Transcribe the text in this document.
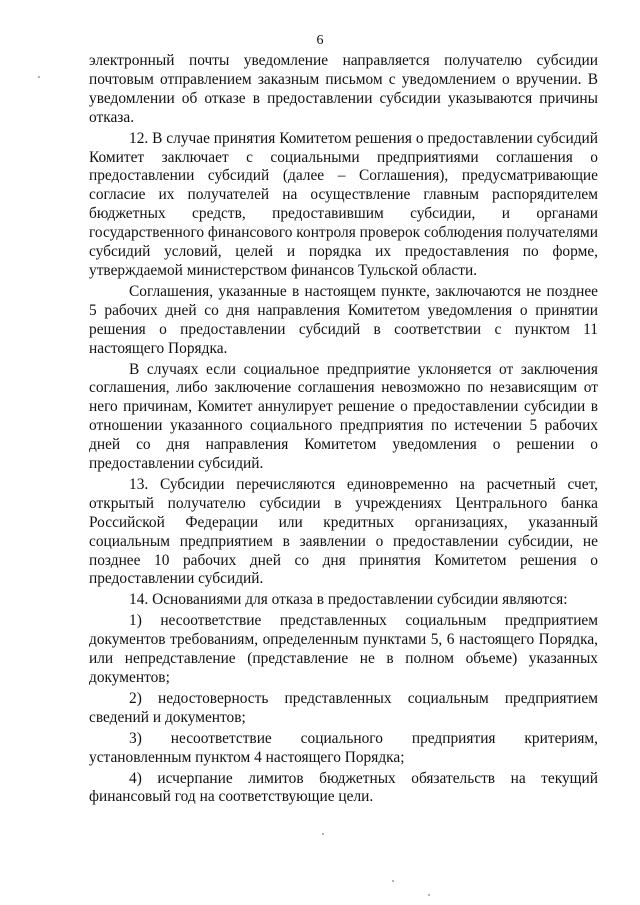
6

электронный почты уведомление направляется получателю субсидии почтовым отправлением заказным письмом с уведомлением о вручении. В уведомлении об отказе в предоставлении субсидии указываются причины отказа.

12. В случае принятия Комитетом решения о предоставлении субсидий Комитет заключает с социальными предприятиями соглашения о предоставлении субсидий (далее – Соглашения), предусматривающие согласие их получателей на осуществление главным распорядителем бюджетных средств, предоставившим субсидии, и органами государственного финансового контроля проверок соблюдения получателями субсидий условий, целей и порядка их предоставления по форме, утверждаемой министерством финансов Тульской области.

Соглашения, указанные в настоящем пункте, заключаются не позднее 5 рабочих дней со дня направления Комитетом уведомления о принятии решения о предоставлении субсидий в соответствии с пунктом 11 настоящего Порядка.

В случаях если социальное предприятие уклоняется от заключения соглашения, либо заключение соглашения невозможно по независящим от него причинам, Комитет аннулирует решение о предоставлении субсидии в отношении указанного социального предприятия по истечении 5 рабочих дней со дня направления Комитетом уведомления о решении о предоставлении субсидий.

13. Субсидии перечисляются единовременно на расчетный счет, открытый получателю субсидии в учреждениях Центрального банка Российской Федерации или кредитных организациях, указанный социальным предприятием в заявлении о предоставлении субсидии, не позднее 10 рабочих дней со дня принятия Комитетом решения о предоставлении субсидий.

14. Основаниями для отказа в предоставлении субсидии являются:

1) несоответствие представленных социальным предприятием документов требованиям, определенным пунктами 5, 6 настоящего Порядка, или непредставление (представление не в полном объеме) указанных документов;

2) недостоверность представленных социальным предприятием сведений и документов;

3) несоответствие социального предприятия критериям, установленным пунктом 4 настоящего Порядка;

4) исчерпание лимитов бюджетных обязательств на текущий финансовый год на соответствующие цели.
